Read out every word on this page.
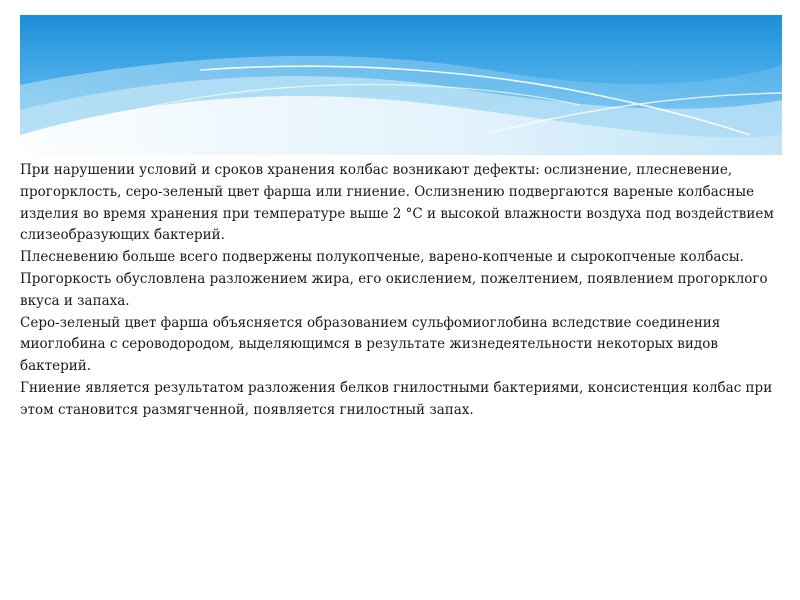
При нарушении условий и сроков хранения колбас возникают дефекты: ослизнение, плесневение, прогорклость, серо-зеленый цвет фарша или гниение. Ослизнению подвергаются вареные колбасные изделия во время хранения при температуре выше 2 °С и высокой влажности воздуха под воздействием слизеобразующих бактерий.

Плесневению больше всего подвержены полукопченые, варено-копченые и сырокопченые колбасы.

Прогоркость обусловлена разложением жира, его окислением, пожелтением, появлением прогорклого вкуса и запаха.

Серо-зеленый цвет фарша объясняется образованием сульфомиоглобина вследствие соединения миоглобина с сероводородом, выделяющимся в результате жизнедеятельности некоторых видов бактерий.

Гниение является результатом разложения белков гнилостными бактериями, консистенция колбас при этом становится размягченной, появляется гнилостный запах.
